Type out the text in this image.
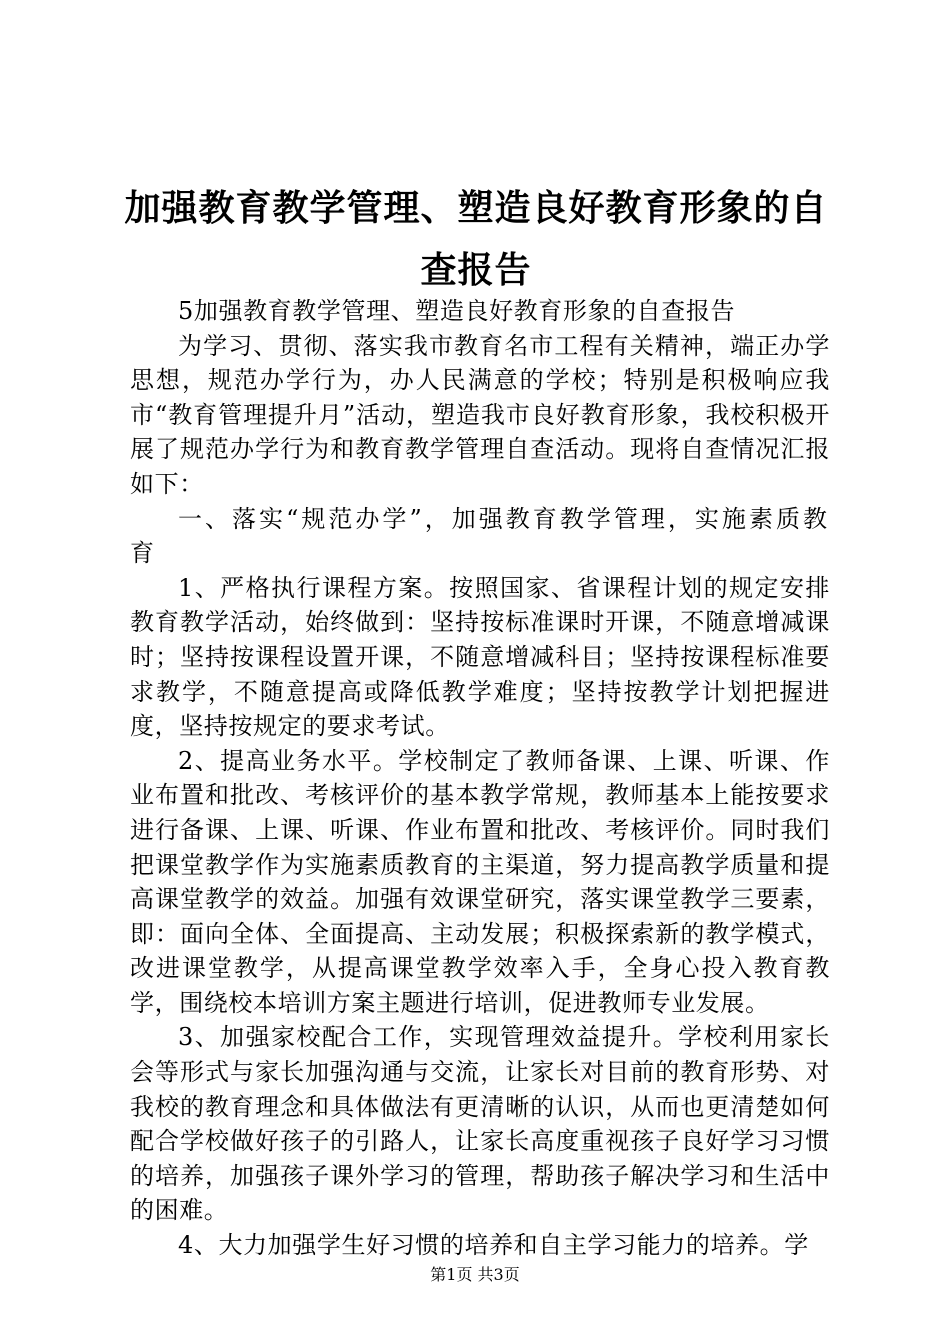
加强教育教学管理、塑造良好教育形象的自查报告

5加强教育教学管理、塑造良好教育形象的自查报告

为学习、贯彻、落实我市教育名市工程有关精神，端正办学思想，规范办学行为，办人民满意的学校；特别是积极响应我市“教育管理提升月”活动，塑造我市良好教育形象，我校积极开展了规范办学行为和教育教学管理自查活动。现将自查情况汇报如下：

一、落实“规范办学”，加强教育教学管理，实施素质教育

1、严格执行课程方案。按照国家、省课程计划的规定安排教育教学活动，始终做到：坚持按标准课时开课，不随意增减课时；坚持按课程设置开课，不随意增减科目；坚持按课程标准要求教学，不随意提高或降低教学难度；坚持按教学计划把握进度，坚持按规定的要求考试。

2、提高业务水平。学校制定了教师备课、上课、听课、作业布置和批改、考核评价的基本教学常规，教师基本上能按要求进行备课、上课、听课、作业布置和批改、考核评价。同时我们把课堂教学作为实施素质教育的主渠道，努力提高教学质量和提高课堂教学的效益。加强有效课堂研究，落实课堂教学三要素，即：面向全体、全面提高、主动发展；积极探索新的教学模式，改进课堂教学，从提高课堂教学效率入手，全身心投入教育教学，围绕校本培训方案主题进行培训，促进教师专业发展。

3、加强家校配合工作，实现管理效益提升。学校利用家长会等形式与家长加强沟通与交流，让家长对目前的教育形势、对我校的教育理念和具体做法有更清晰的认识，从而也更清楚如何配合学校做好孩子的引路人，让家长高度重视孩子良好学习习惯的培养，加强孩子课外学习的管理，帮助孩子解决学习和生活中的困难。

4、大力加强学生好习惯的培养和自主学习能力的培养。学

第1页 共3页
